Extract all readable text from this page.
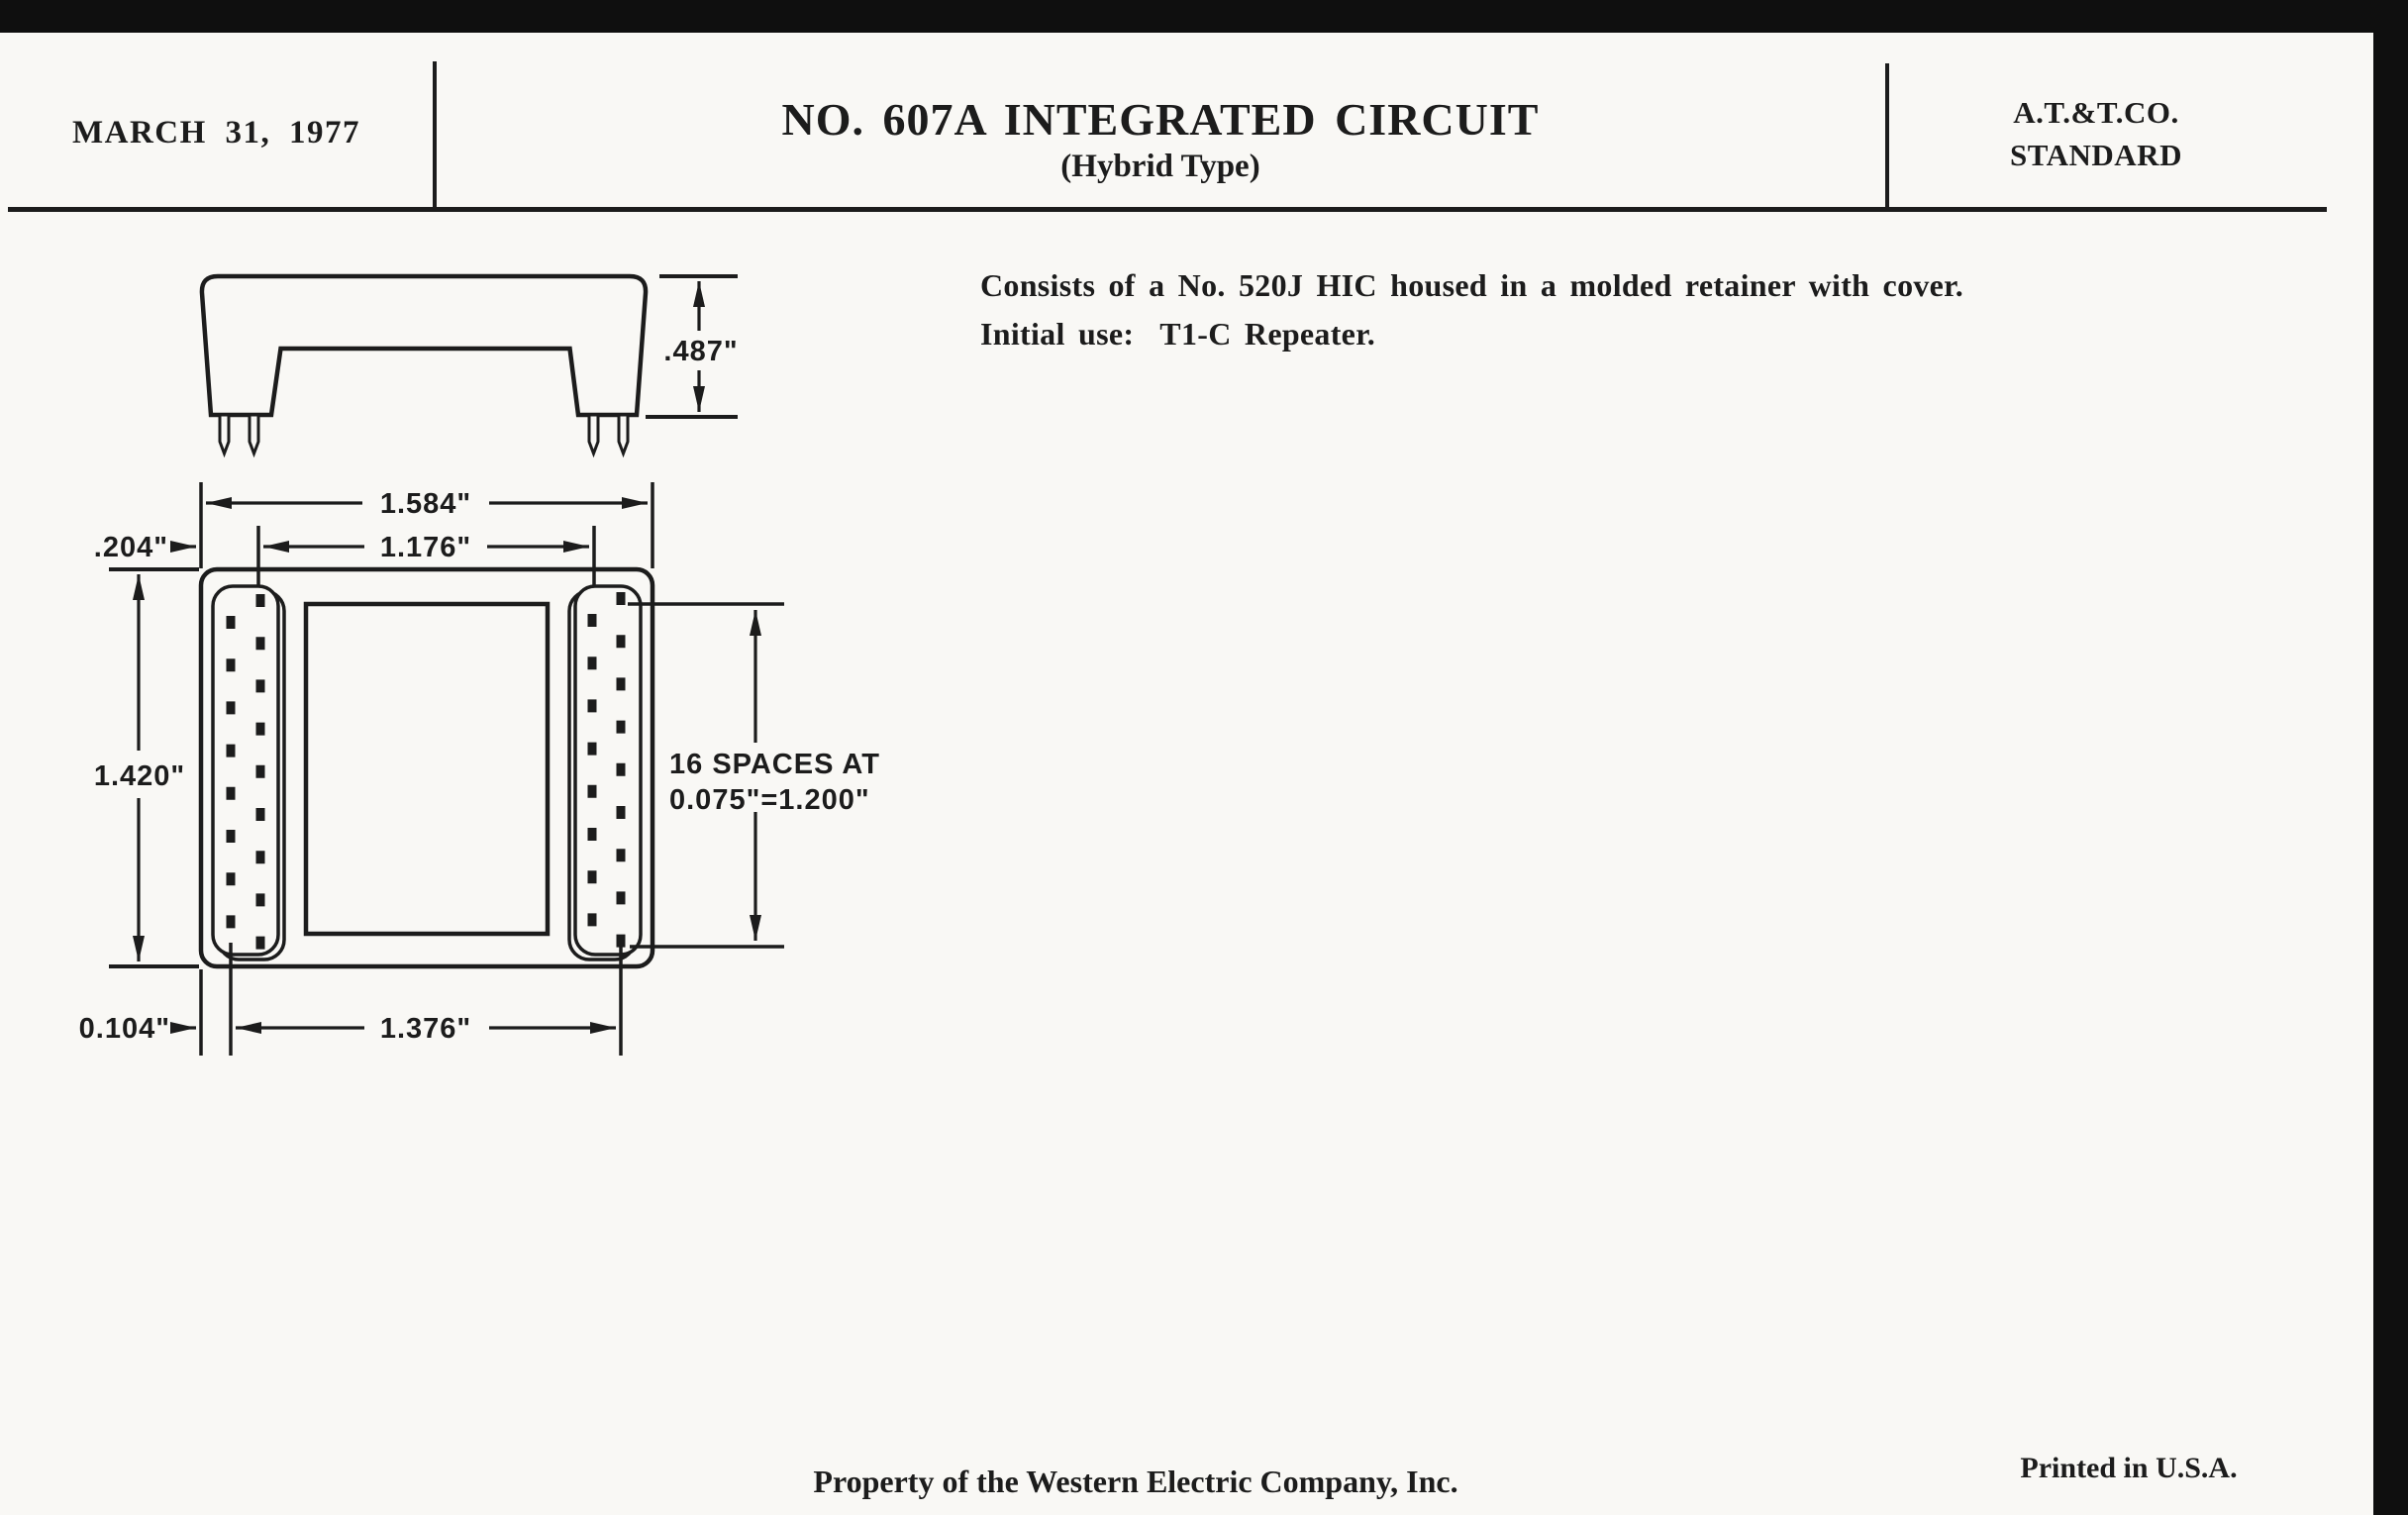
MARCH 31, 1977	NO. 607A INTEGRATED CIRCUIT
(Hybrid Type)
A.T.&T.CO.
STANDARD
Consists of a No. 520J HIC housed in a molded retainer with cover.
Initial use:  T1-C Repeater.
.487"
1.584"
.204"	1.176"
1.420"	16 SPACES AT
0.075"=1.200"
0.104"	1.376"
Property of the Western Electric Company, Inc.	Printed in U.S.A.
